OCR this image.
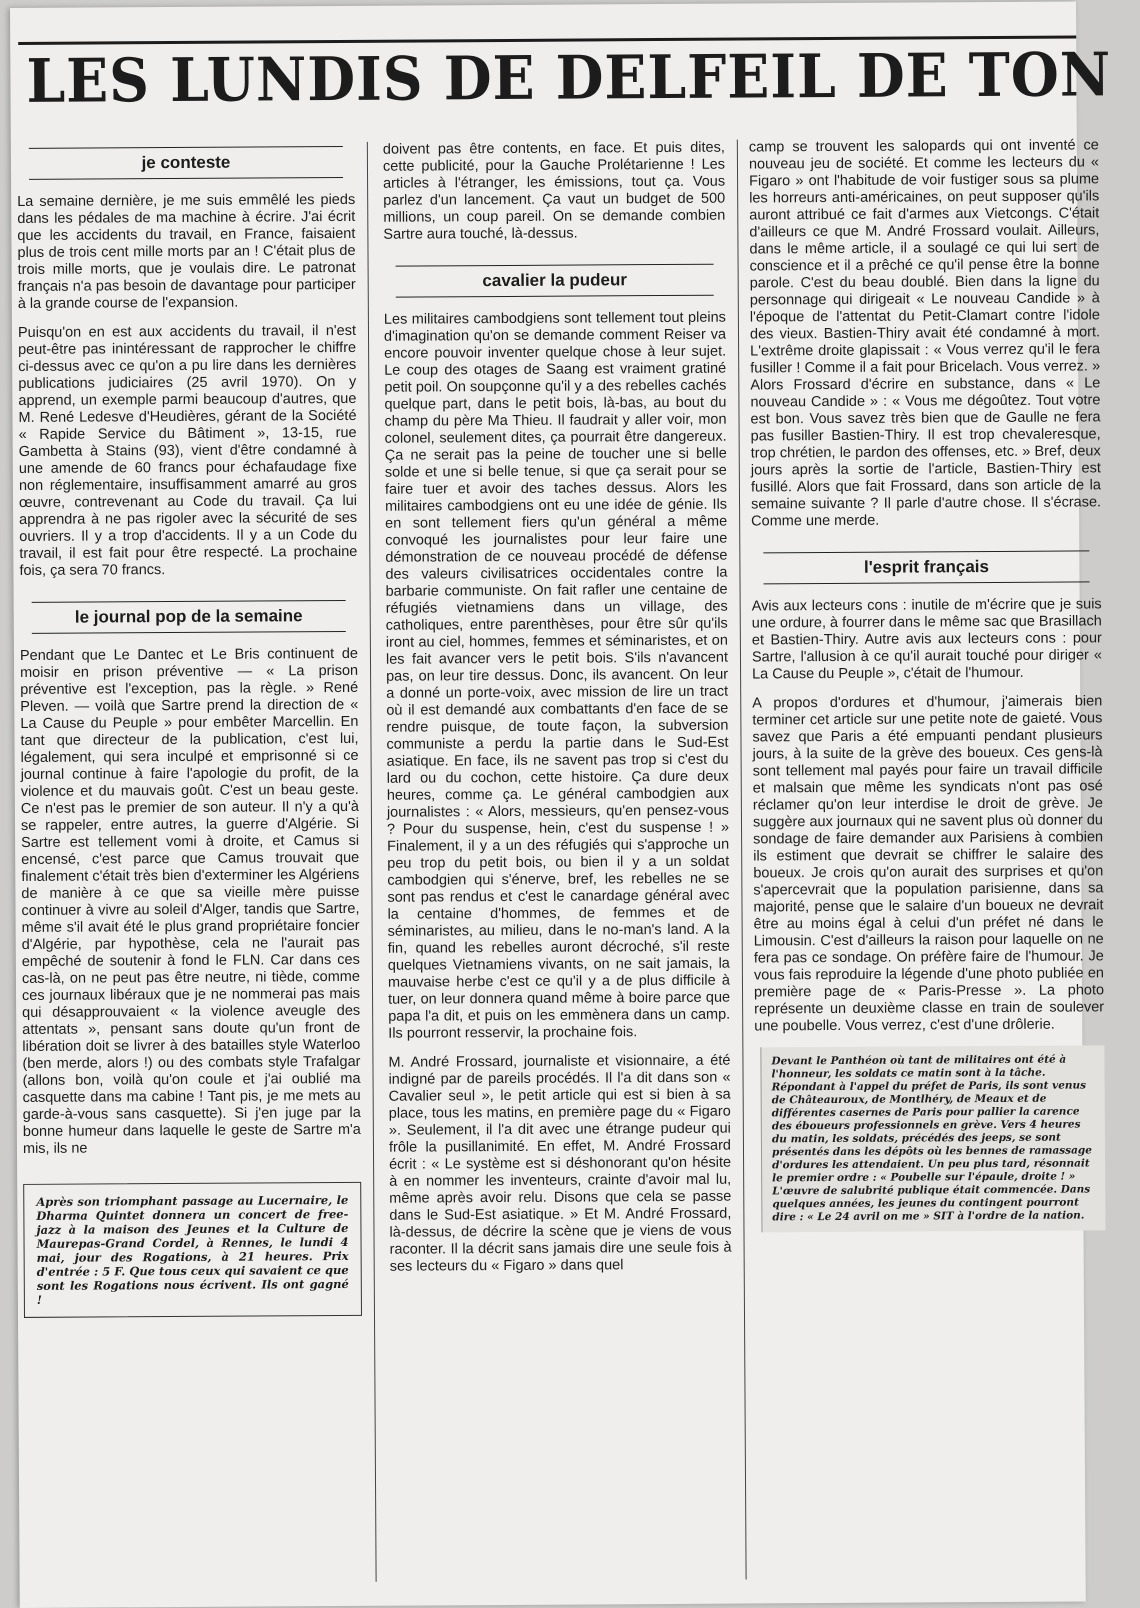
LES LUNDIS DE DELFEIL DE TON
je conteste

La semaine dernière, je me suis emmêlé les pieds dans les pédales de ma machine à écrire. J'ai écrit que les accidents du travail, en France, faisaient plus de trois cent mille morts par an ! C'était plus de trois mille morts, que je voulais dire. Le patronat français n'a pas besoin de davantage pour participer à la grande course de l'expansion.

Puisqu'on en est aux accidents du travail, il n'est peut-être pas inintéressant de rapprocher le chiffre ci-dessus avec ce qu'on a pu lire dans les dernières publications judiciaires (25 avril 1970). On y apprend, un exemple parmi beaucoup d'autres, que M. René Ledesve d'Heudières, gérant de la Société « Rapide Service du Bâtiment », 13-15, rue Gambetta à Stains (93), vient d'être condamné à une amende de 60 francs pour échafaudage fixe non réglementaire, insuffisamment amarré au gros œuvre, contrevenant au Code du travail. Ça lui apprendra à ne pas rigoler avec la sécurité de ses ouvriers. Il y a trop d'accidents. Il y a un Code du travail, il est fait pour être respecté. La prochaine fois, ça sera 70 francs.

le journal pop de la semaine

Pendant que Le Dantec et Le Bris continuent de moisir en prison préventive — « La prison préventive est l'exception, pas la règle. » René Pleven. — voilà que Sartre prend la direction de « La Cause du Peuple » pour embêter Marcellin. En tant que directeur de la publication, c'est lui, légalement, qui sera inculpé et emprisonné si ce journal continue à faire l'apologie du profit, de la violence et du mauvais goût. C'est un beau geste. Ce n'est pas le premier de son auteur. Il n'y a qu'à se rappeler, entre autres, la guerre d'Algérie. Si Sartre est tellement vomi à droite, et Camus si encensé, c'est parce que Camus trouvait que finalement c'était très bien d'exterminer les Algériens de manière à ce que sa vieille mère puisse continuer à vivre au soleil d'Alger, tandis que Sartre, même s'il avait été le plus grand propriétaire foncier d'Algérie, par hypothèse, cela ne l'aurait pas empêché de soutenir à fond le FLN. Car dans ces cas-là, on ne peut pas être neutre, ni tiède, comme ces journaux libéraux que je ne nommerai pas mais qui désapprouvaient « la violence aveugle des attentats », pensant sans doute qu'un front de libération doit se livrer à des batailles style Waterloo (ben merde, alors !) ou des combats style Trafalgar (allons bon, voilà qu'on coule et j'ai oublié ma casquette dans ma cabine ! Tant pis, je me mets au garde-à-vous sans casquette). Si j'en juge par la bonne humeur dans laquelle le geste de Sartre m'a mis, ils ne

Après son triomphant passage au Lucernaire, le Dharma Quintet donnera un concert de free-jazz à la maison des Jeunes et la Culture de Maurepas-Grand Cordel, à Rennes, le lundi 4 mai, jour des Rogations, à 21 heures. Prix d'entrée : 5 F. Que tous ceux qui savaient ce que sont les Rogations nous écrivent. Ils ont gagné !

doivent pas être contents, en face. Et puis dites, cette publicité, pour la Gauche Prolétarienne ! Les articles à l'étranger, les émissions, tout ça. Vous parlez d'un lancement. Ça vaut un budget de 500 millions, un coup pareil. On se demande combien Sartre aura touché, là-dessus.

cavalier la pudeur

Les militaires cambodgiens sont tellement tout pleins d'imagination qu'on se demande comment Reiser va encore pouvoir inventer quelque chose à leur sujet. Le coup des otages de Saang est vraiment gratiné petit poil. On soupçonne qu'il y a des rebelles cachés quelque part, dans le petit bois, là-bas, au bout du champ du père Ma Thieu. Il faudrait y aller voir, mon colonel, seulement dites, ça pourrait être dangereux. Ça ne serait pas la peine de toucher une si belle solde et une si belle tenue, si que ça serait pour se faire tuer et avoir des taches dessus. Alors les militaires cambodgiens ont eu une idée de génie. Ils en sont tellement fiers qu'un général a même convoqué les journalistes pour leur faire une démonstration de ce nouveau procédé de défense des valeurs civilisatrices occidentales contre la barbarie communiste. On fait rafler une centaine de réfugiés vietnamiens dans un village, des catholiques, entre parenthèses, pour être sûr qu'ils iront au ciel, hommes, femmes et séminaristes, et on les fait avancer vers le petit bois. S'ils n'avancent pas, on leur tire dessus. Donc, ils avancent. On leur a donné un porte-voix, avec mission de lire un tract où il est demandé aux combattants d'en face de se rendre puisque, de toute façon, la subversion communiste a perdu la partie dans le Sud-Est asiatique. En face, ils ne savent pas trop si c'est du lard ou du cochon, cette histoire. Ça dure deux heures, comme ça. Le général cambodgien aux journalistes : « Alors, messieurs, qu'en pensez-vous ? Pour du suspense, hein, c'est du suspense ! » Finalement, il y a un des réfugiés qui s'approche un peu trop du petit bois, ou bien il y a un soldat cambodgien qui s'énerve, bref, les rebelles ne se sont pas rendus et c'est le canardage général avec la centaine d'hommes, de femmes et de séminaristes, au milieu, dans le no-man's land. A la fin, quand les rebelles auront décroché, s'il reste quelques Vietnamiens vivants, on ne sait jamais, la mauvaise herbe c'est ce qu'il y a de plus difficile à tuer, on leur donnera quand même à boire parce que papa l'a dit, et puis on les emmènera dans un camp. Ils pourront resservir, la prochaine fois.

M. André Frossard, journaliste et visionnaire, a été indigné par de pareils procédés. Il l'a dit dans son « Cavalier seul », le petit article qui est si bien à sa place, tous les matins, en première page du « Figaro ». Seulement, il l'a dit avec une étrange pudeur qui frôle la pusillanimité. En effet, M. André Frossard écrit : « Le système est si déshonorant qu'on hésite à en nommer les inventeurs, crainte d'avoir mal lu, même après avoir relu. Disons que cela se passe dans le Sud-Est asiatique. » Et M. André Frossard, là-dessus, de décrire la scène que je viens de vous raconter. Il la décrit sans jamais dire une seule fois à ses lecteurs du « Figaro » dans quel

camp se trouvent les salopards qui ont inventé ce nouveau jeu de société. Et comme les lecteurs du « Figaro » ont l'habitude de voir fustiger sous sa plume les horreurs anti-américaines, on peut supposer qu'ils auront attribué ce fait d'armes aux Vietcongs. C'était d'ailleurs ce que M. André Frossard voulait. Ailleurs, dans le même article, il a soulagé ce qui lui sert de conscience et il a prêché ce qu'il pense être la bonne parole. C'est du beau doublé. Bien dans la ligne du personnage qui dirigeait « Le nouveau Candide » à l'époque de l'attentat du Petit-Clamart contre l'idole des vieux. Bastien-Thiry avait été condamné à mort. L'extrême droite glapissait : « Vous verrez qu'il le fera fusiller ! Comme il a fait pour Bricelach. Vous verrez. » Alors Frossard d'écrire en substance, dans « Le nouveau Candide » : « Vous me dégoûtez. Tout votre est bon. Vous savez très bien que de Gaulle ne fera pas fusiller Bastien-Thiry. Il est trop chevaleresque, trop chrétien, le pardon des offenses, etc. » Bref, deux jours après la sortie de l'article, Bastien-Thiry est fusillé. Alors que fait Frossard, dans son article de la semaine suivante ? Il parle d'autre chose. Il s'écrase. Comme une merde.

l'esprit français

Avis aux lecteurs cons : inutile de m'écrire que je suis une ordure, à fourrer dans le même sac que Brasillach et Bastien-Thiry. Autre avis aux lecteurs cons : pour Sartre, l'allusion à ce qu'il aurait touché pour diriger « La Cause du Peuple », c'était de l'humour.

A propos d'ordures et d'humour, j'aimerais bien terminer cet article sur une petite note de gaieté. Vous savez que Paris a été empuanti pendant plusieurs jours, à la suite de la grève des boueux. Ces gens-là sont tellement mal payés pour faire un travail difficile et malsain que même les syndicats n'ont pas osé réclamer qu'on leur interdise le droit de grève. Je suggère aux journaux qui ne savent plus où donner du sondage de faire demander aux Parisiens à combien ils estiment que devrait se chiffrer le salaire des boueux. Je crois qu'on aurait des surprises et qu'on s'apercevrait que la population parisienne, dans sa majorité, pense que le salaire d'un boueux ne devrait être au moins égal à celui d'un préfet né dans le Limousin. C'est d'ailleurs la raison pour laquelle on ne fera pas ce sondage. On préfère faire de l'humour. Je vous fais reproduire la légende d'une photo publiée en première page de « Paris-Presse ». La photo représente un deuxième classe en train de soulever une poubelle. Vous verrez, c'est d'une drôlerie.

Devant le Panthéon où tant de militaires ont été à l'honneur, les soldats ce matin sont à la tâche. Répondant à l'appel du préfet de Paris, ils sont venus de Châteauroux, de Montlhéry, de Meaux et de différentes casernes de Paris pour pallier la carence des éboueurs professionnels en grève. Vers 4 heures du matin, les soldats, précédés des jeeps, se sont présentés dans les dépôts où les bennes de ramassage d'ordures les attendaient. Un peu plus tard, résonnait le premier ordre : « Poubelle sur l'épaule, droite ! » L'œuvre de salubrité publique était commencée. Dans quelques années, les jeunes du contingent pourront dire : « Le 24 avril on me » SIT à l'ordre de la nation.
